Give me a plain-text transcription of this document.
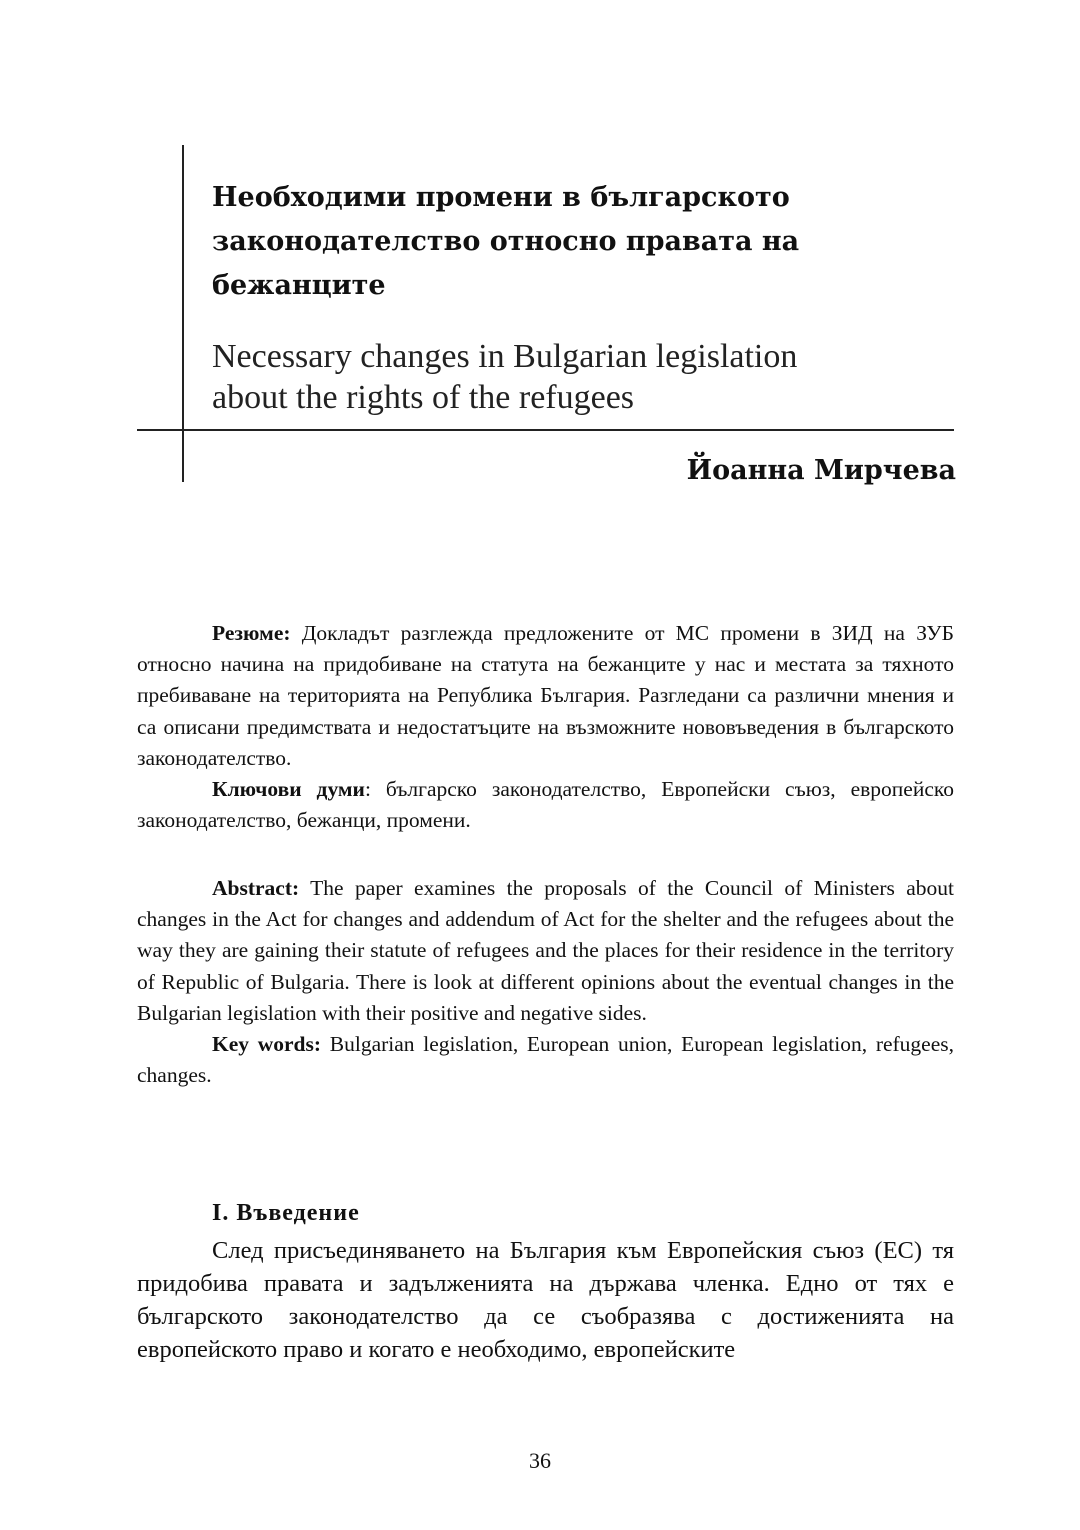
Необходими промени в българското законодателство относно правата на бежанците
Necessary changes in Bulgarian legislation
about the rights of the refugees
Йоанна Мирчева

Резюме: Докладът разглежда предложените от МС промени в ЗИД на ЗУБ относно начина на придобиване на статута на бежанците у нас и местата за тяхното пребиваване на територията на Република България. Разгледани са различни мнения и са описани предимствата и недостатъците на възможните нововъведения в българското законодателство.

Ключови думи: българско законодателство, Европейски съюз, европейско законодателство, бежанци, промени.

Abstract: The paper examines the proposals of the Council of Ministers about changes in the Act for changes and addendum of Act for the shelter and the refugees about the way they are gaining their statute of refugees and the places for their residence in the territory of Republic of Bulgaria. There is look at different opinions about the eventual changes in the Bulgarian legislation with their positive and negative sides.

Key words: Bulgarian legislation, European union, European legislation, refugees, changes.

I. Въведение

След присъединяването на България към Европейския съюз (ЕС) тя придобива правата и задълженията на държава членка. Едно от тях е българското законодателство да се съобразява с достиженията на европейското право и когато е необходимо, европейските

36
